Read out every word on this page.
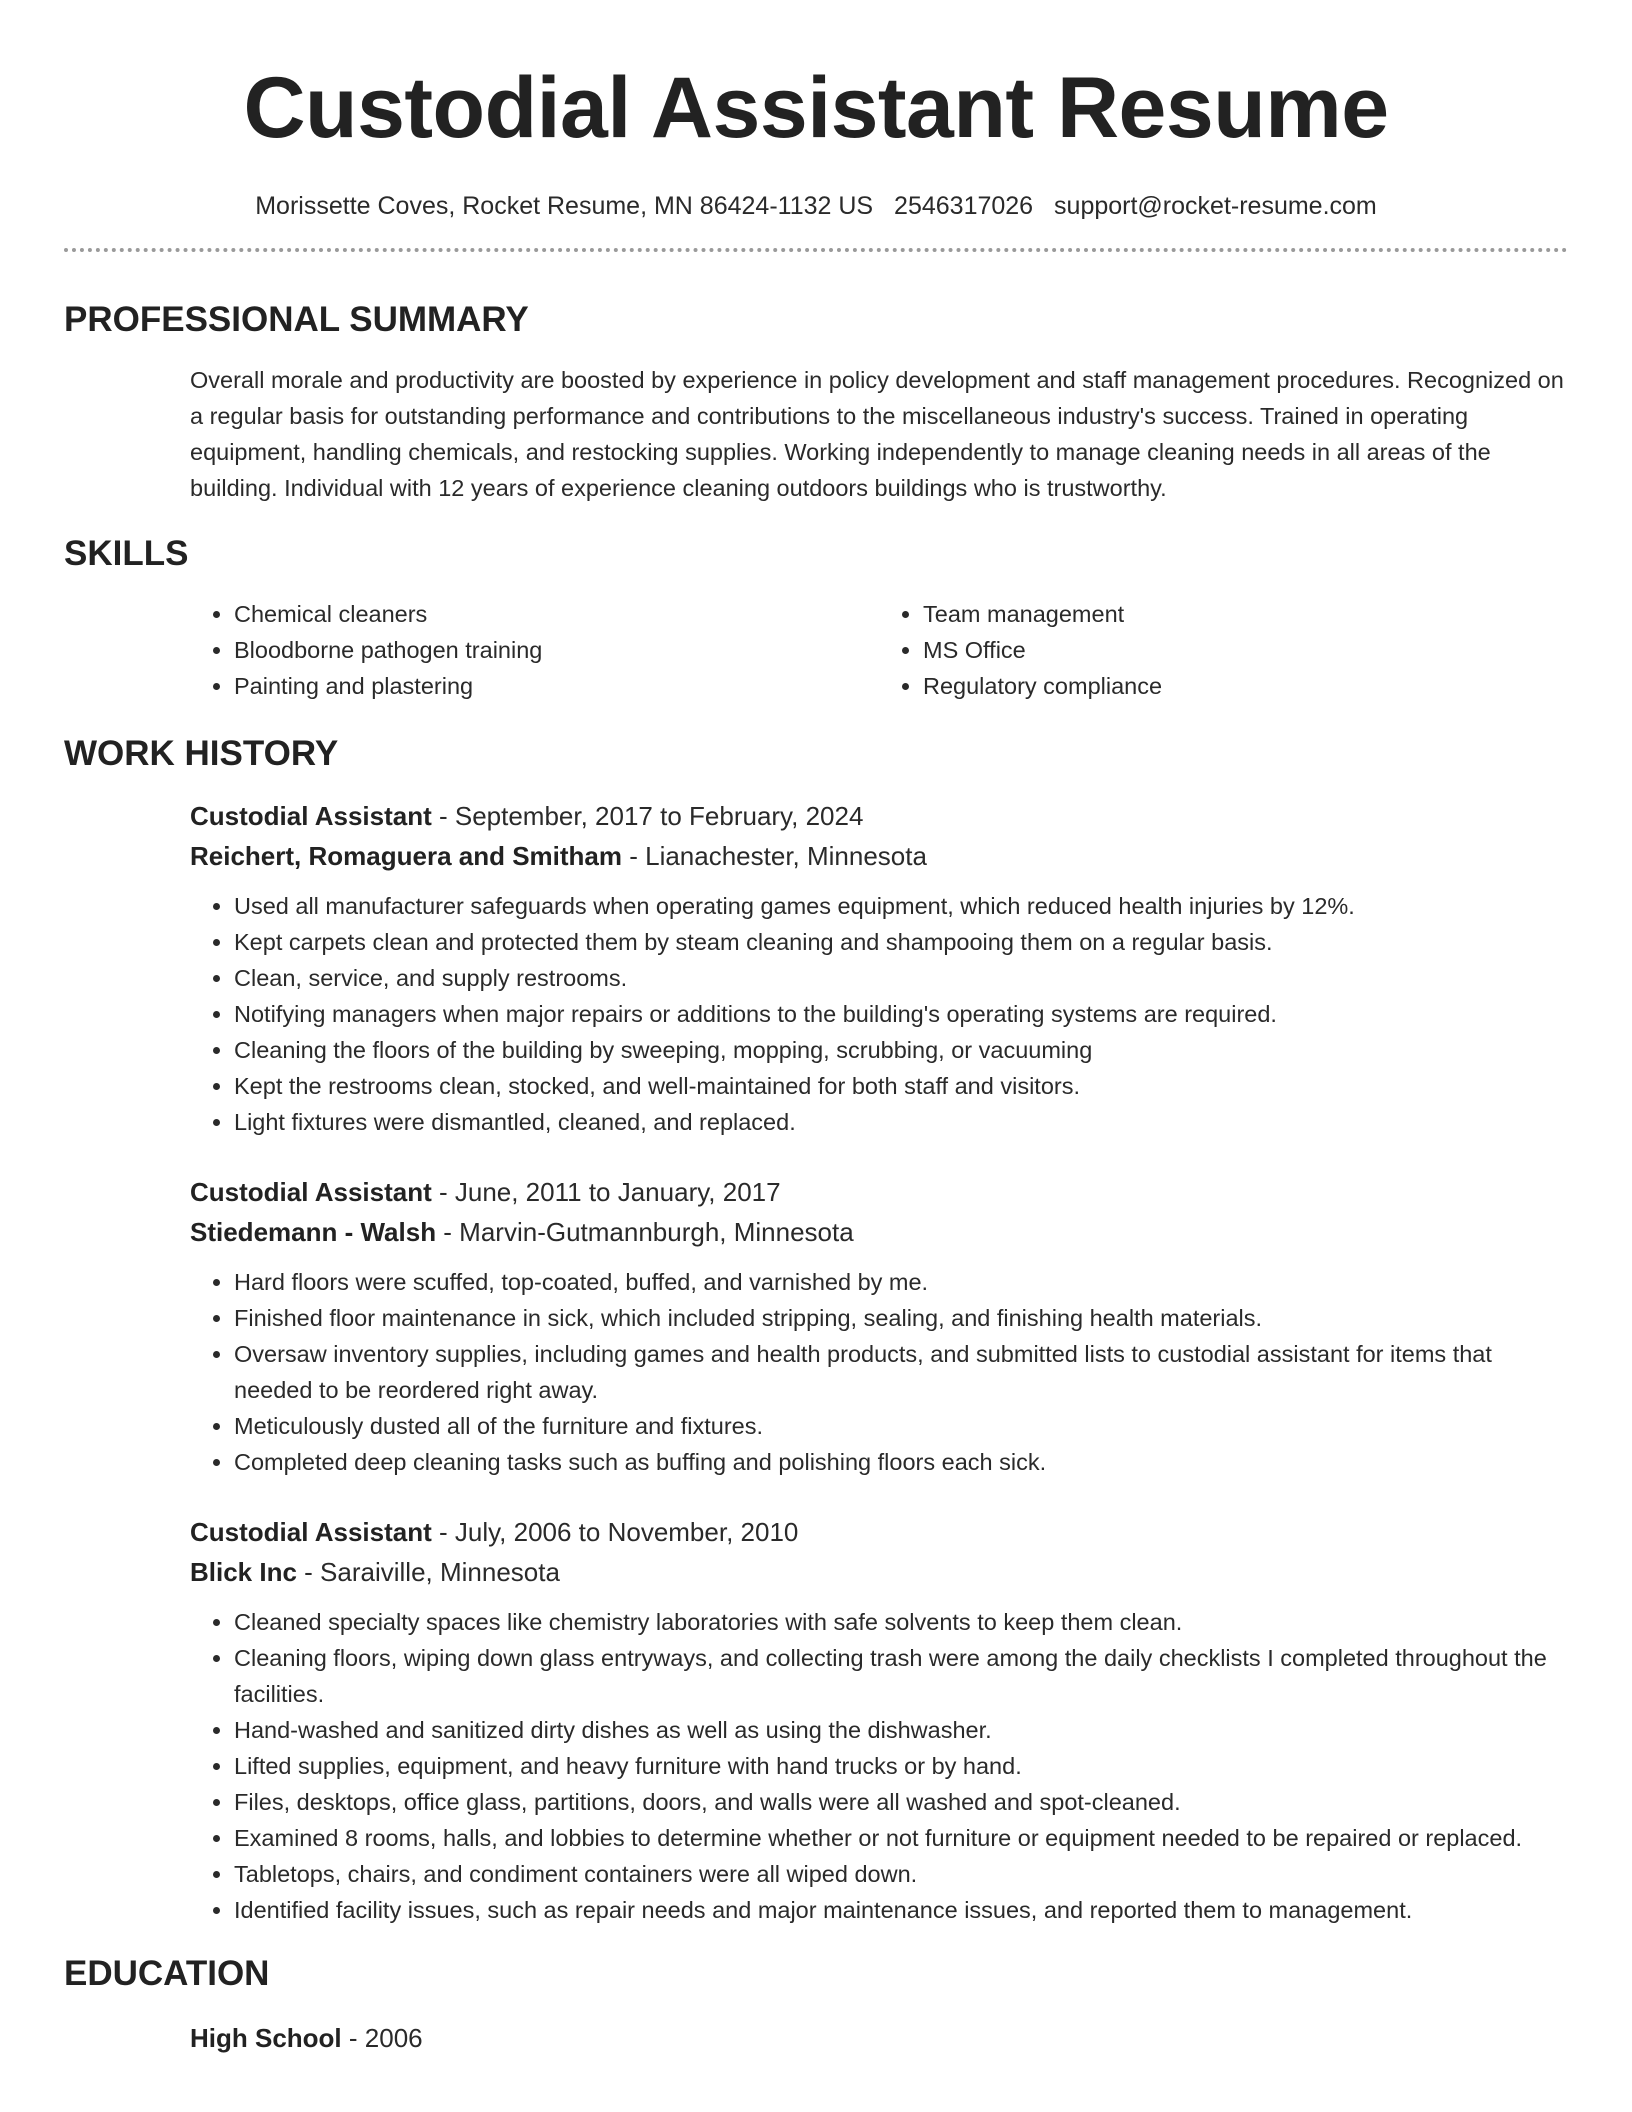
Custodial Assistant Resume
Morissette Coves, Rocket Resume, MN 86424-1132 US 2546317026 support@rocket-resume.com
PROFESSIONAL SUMMARY

Overall morale and productivity are boosted by experience in policy development and staff management procedures. Recognized on a regular basis for outstanding performance and contributions to the miscellaneous industry's success. Trained in operating equipment, handling chemicals, and restocking supplies. Working independently to manage cleaning needs in all areas of the building. Individual with 12 years of experience cleaning outdoors buildings who is trustworthy.

SKILLS
• Chemical cleaners
• Bloodborne pathogen training
• Painting and plastering
• Team management
• MS Office
• Regulatory compliance
WORK HISTORY
Custodial Assistant - September, 2017 to February, 2024
Reichert, Romaguera and Smitham - Lianachester, Minnesota
• Used all manufacturer safeguards when operating games equipment, which reduced health injuries by 12%.
• Kept carpets clean and protected them by steam cleaning and shampooing them on a regular basis.
• Clean, service, and supply restrooms.
• Notifying managers when major repairs or additions to the building's operating systems are required.
• Cleaning the floors of the building by sweeping, mopping, scrubbing, or vacuuming
• Kept the restrooms clean, stocked, and well-maintained for both staff and visitors.
• Light fixtures were dismantled, cleaned, and replaced.
Custodial Assistant - June, 2011 to January, 2017
Stiedemann - Walsh - Marvin-Gutmannburgh, Minnesota
• Hard floors were scuffed, top-coated, buffed, and varnished by me.
• Finished floor maintenance in sick, which included stripping, sealing, and finishing health materials.
• Oversaw inventory supplies, including games and health products, and submitted lists to custodial assistant for items that needed to be reordered right away.
• Meticulously dusted all of the furniture and fixtures.
• Completed deep cleaning tasks such as buffing and polishing floors each sick.
Custodial Assistant - July, 2006 to November, 2010
Blick Inc - Saraiville, Minnesota
• Cleaned specialty spaces like chemistry laboratories with safe solvents to keep them clean.
• Cleaning floors, wiping down glass entryways, and collecting trash were among the daily checklists I completed throughout the facilities.
• Hand-washed and sanitized dirty dishes as well as using the dishwasher.
• Lifted supplies, equipment, and heavy furniture with hand trucks or by hand.
• Files, desktops, office glass, partitions, doors, and walls were all washed and spot-cleaned.
• Examined 8 rooms, halls, and lobbies to determine whether or not furniture or equipment needed to be repaired or replaced.
• Tabletops, chairs, and condiment containers were all wiped down.
• Identified facility issues, such as repair needs and major maintenance issues, and reported them to management.
EDUCATION
High School - 2006
